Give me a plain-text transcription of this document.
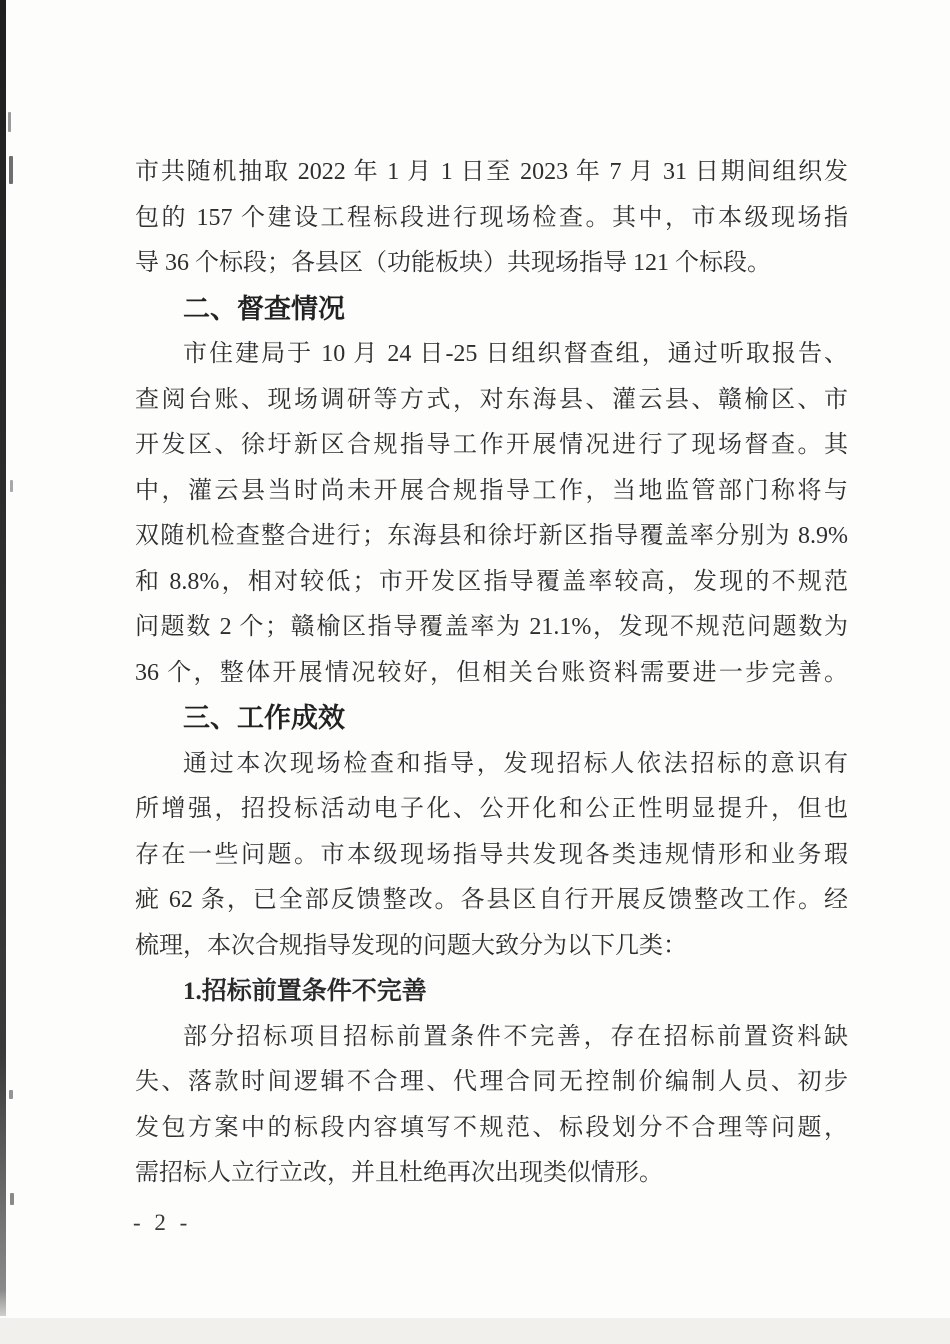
市共随机抽取 2022 年 1 月 1 日至 2023 年 7 月 31 日期间组织发
包的 157 个建设工程标段进行现场检查。其中，市本级现场指
导 36 个标段；各县区（功能板块）共现场指导 121 个标段。
二、督查情况
市住建局于 10 月 24 日-25 日组织督查组，通过听取报告、
查阅台账、现场调研等方式，对东海县、灌云县、赣榆区、市
开发区、徐圩新区合规指导工作开展情况进行了现场督查。其
中，灌云县当时尚未开展合规指导工作，当地监管部门称将与
双随机检查整合进行；东海县和徐圩新区指导覆盖率分别为 8.9%
和 8.8%，相对较低；市开发区指导覆盖率较高，发现的不规范
问题数 2 个；赣榆区指导覆盖率为 21.1%，发现不规范问题数为
36 个，整体开展情况较好，但相关台账资料需要进一步完善。
三、工作成效
通过本次现场检查和指导，发现招标人依法招标的意识有
所增强，招投标活动电子化、公开化和公正性明显提升，但也
存在一些问题。市本级现场指导共发现各类违规情形和业务瑕
疵 62 条，已全部反馈整改。各县区自行开展反馈整改工作。经
梳理，本次合规指导发现的问题大致分为以下几类：
1.招标前置条件不完善
部分招标项目招标前置条件不完善，存在招标前置资料缺
失、落款时间逻辑不合理、代理合同无控制价编制人员、初步
发包方案中的标段内容填写不规范、标段划分不合理等问题，
需招标人立行立改，并且杜绝再次出现类似情形。
- 2 -
